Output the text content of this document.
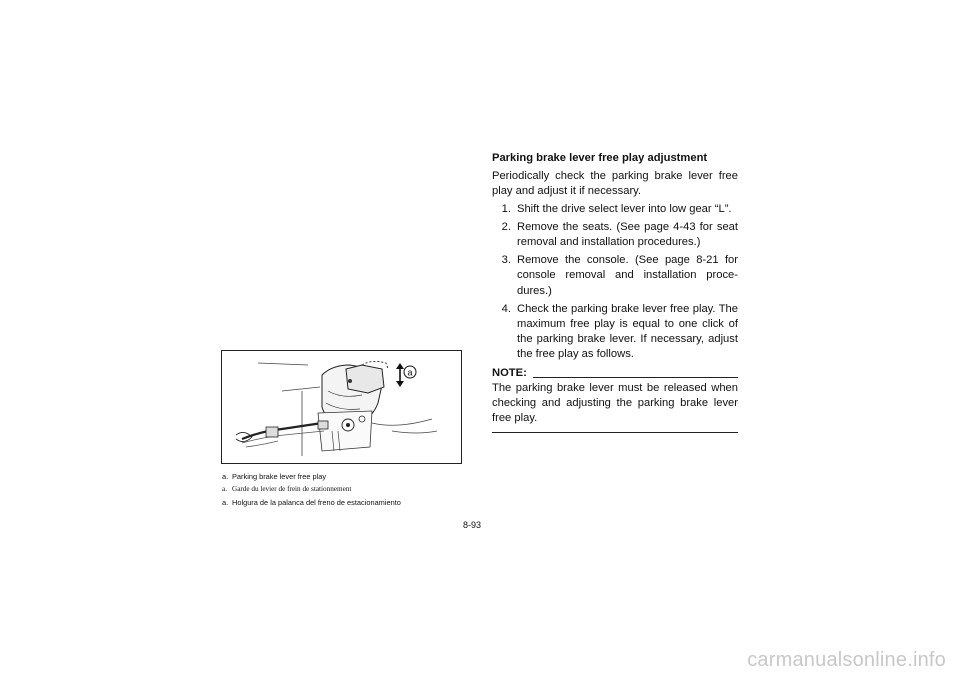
a
a. Parking brake lever free play
a. Garde du levier de frein de stationnement
a. Holgura de la palanca del freno de estacionamiento
Parking brake lever free play adjustment

Periodically check the parking brake lever free play and adjust it if necessary.

1. Shift the drive select lever into low gear “L”.
2. Remove the seats. (See page 4-43 for seat removal and installation procedures.)
3. Remove the console. (See page 8-21 for console removal and installation proce-dures.)
4. Check the parking brake lever free play. The maximum free play is equal to one click of the parking brake lever. If necessary, adjust the free play as follows.
NOTE:

The parking brake lever must be released when checking and adjusting the parking brake lever free play.

8-93
carmanualsonline.info
